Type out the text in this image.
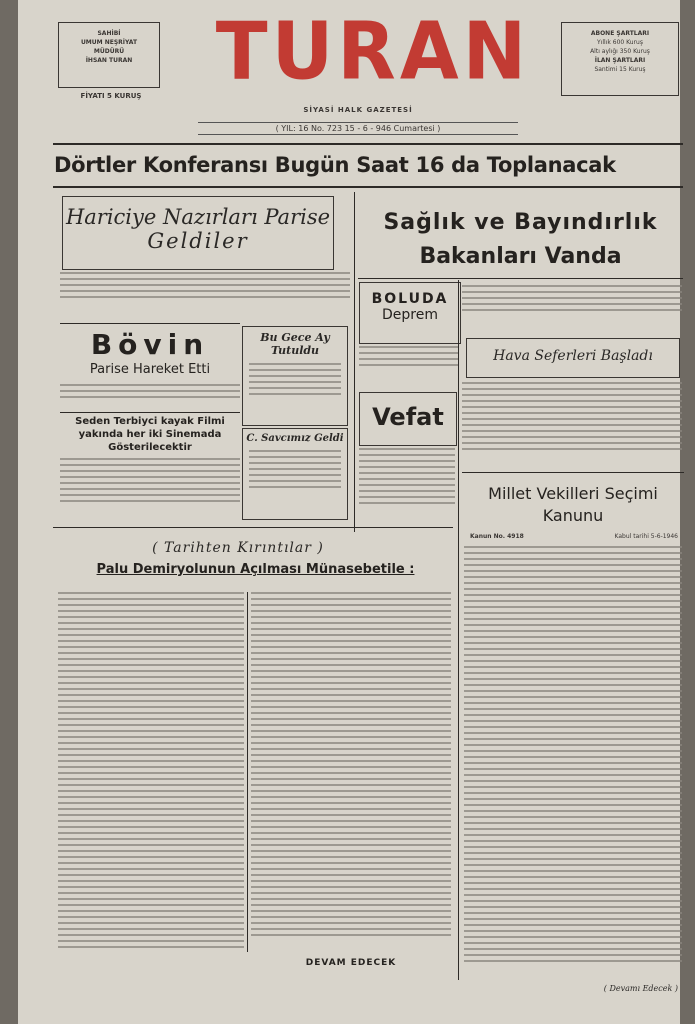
SAHİBİ
UMUM NEŞRİYAT
MÜDÜRÜ
İHSAN TURAN
FİYATI 5 KURUŞ TURAN	ABONE ŞARTLARI
Yıllık 600 Kuruş
Altı aylığı 350 Kuruş
İLAN ŞARTLARI
Santimi 15 Kuruş
SİYASİ HALK GAZETESİ
( YIL: 16 No. 723 15 - 6 - 946 Cumartesi )
Dörtler Konferansı Bugün Saat 16 da Toplanacak
Hariciye Nazırları Parise
Geldiler
Sağlık ve Bayındırlık
Bakanları Vanda
Bövin
Parise Hareket Etti
Bu Gece Ay
Tutuldu
BOLUDA
Deprem
Hava Seferleri Başladı
Seden Terbiyci kayak Filmi
yakında her iki Sinemada
Gösterilecektir
C. Savcımız Geldi
Vefat
Millet Vekilleri Seçimi
Kanunu
Kanun No. 4918	Kabul tarihi 5-6-1946
( Devamı Edecek )
( Tarihten Kırıntılar )
Palu Demiryolunun Açılması Münasebetile :
DEVAM EDECEK
